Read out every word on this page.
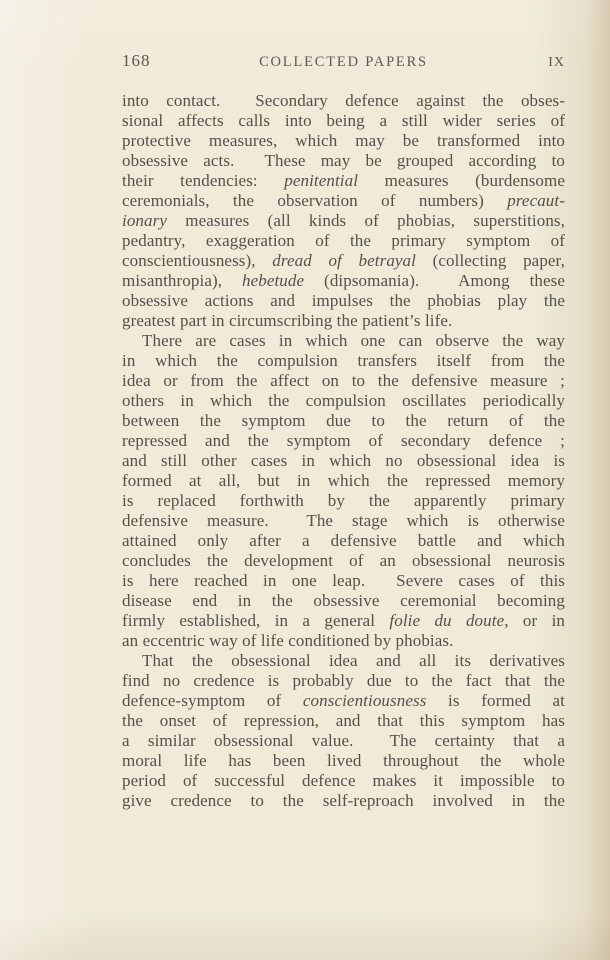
168	COLLECTED PAPERS	IX
into contact.  Secondary defence against the obses-
sional affects calls into being a still wider series of
protective measures, which may be transformed into
obsessive acts.  These may be grouped according to
their tendencies: penitential measures (burdensome
ceremonials, the observation of numbers) precaut-
ionary measures (all kinds of phobias, superstitions,
pedantry, exaggeration of the primary symptom of
conscientiousness), dread of betrayal (collecting paper,
misanthropia), hebetude (dipsomania).  Among these
obsessive actions and impulses the phobias play the
greatest part in circumscribing the patient’s life.
There are cases in which one can observe the way
in which the compulsion transfers itself from the
idea or from the affect on to the defensive measure ;
others in which the compulsion oscillates periodically
between the symptom due to the return of the
repressed and the symptom of secondary defence ;
and still other cases in which no obsessional idea is
formed at all, but in which the repressed memory
is replaced forthwith by the apparently primary
defensive measure.  The stage which is otherwise
attained only after a defensive battle and which
concludes the development of an obsessional neurosis
is here reached in one leap.  Severe cases of this
disease end in the obsessive ceremonial becoming
firmly established, in a general folie du doute, or in
an eccentric way of life conditioned by phobias.
That the obsessional idea and all its derivatives
find no credence is probably due to the fact that the
defence-symptom of conscientiousness is formed at
the onset of repression, and that this symptom has
a similar obsessional value.  The certainty that a
moral life has been lived throughout the whole
period of successful defence makes it impossible to
give credence to the self-reproach involved in the
